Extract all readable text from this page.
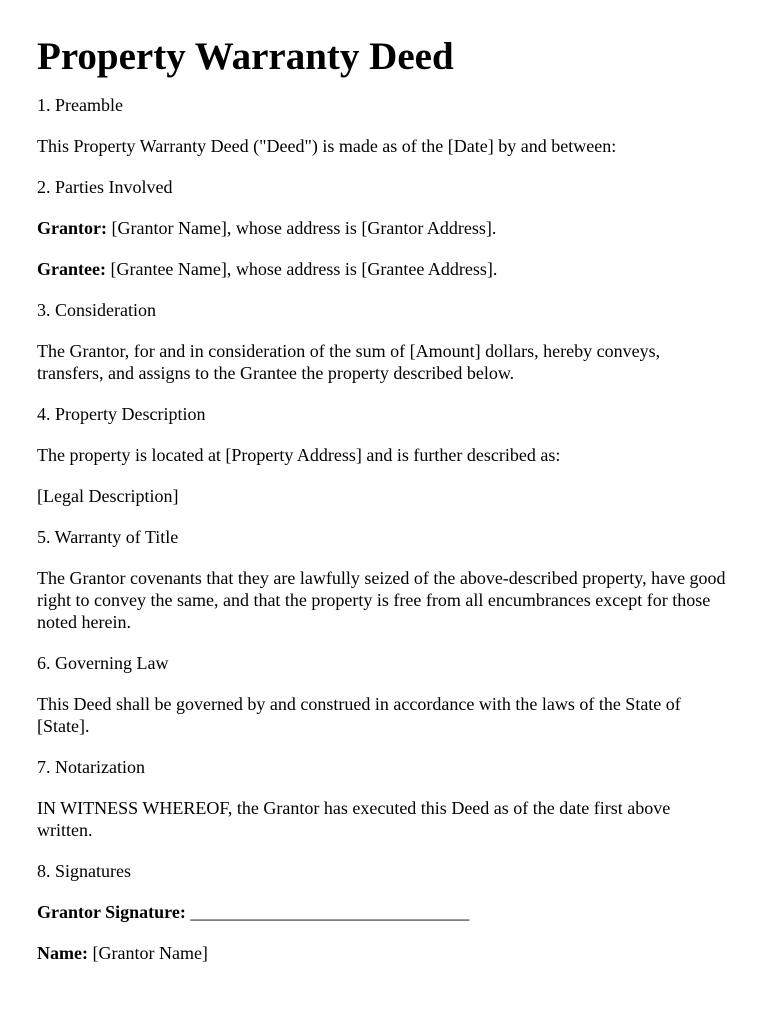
Property Warranty Deed

1. Preamble

This Property Warranty Deed ("Deed") is made as of the [Date] by and between:

2. Parties Involved

Grantor: [Grantor Name], whose address is [Grantor Address].

Grantee: [Grantee Name], whose address is [Grantee Address].

3. Consideration

The Grantor, for and in consideration of the sum of [Amount] dollars, hereby conveys, transfers, and assigns to the Grantee the property described below.

4. Property Description

The property is located at [Property Address] and is further described as:

[Legal Description]

5. Warranty of Title

The Grantor covenants that they are lawfully seized of the above-described property, have good right to convey the same, and that the property is free from all encumbrances except for those noted herein.

6. Governing Law

This Deed shall be governed by and construed in accordance with the laws of the State of [State].

7. Notarization

IN WITNESS WHEREOF, the Grantor has executed this Deed as of the date first above written.

8. Signatures

Grantor Signature: _______________________________

Name: [Grantor Name]
